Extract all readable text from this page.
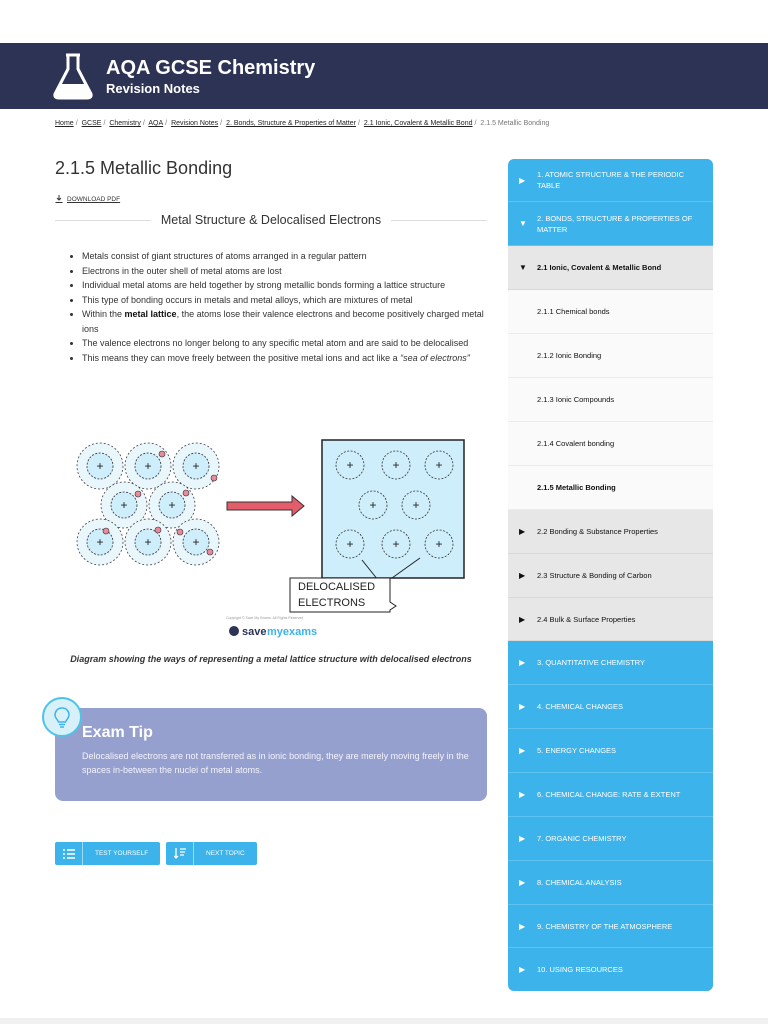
AQA GCSE Chemistry
Revision Notes
Home / GCSE / Chemistry / AQA / Revision Notes / 2. Bonds, Structure & Properties of Matter / 2.1 Ionic, Covalent & Metallic Bond / 2.1.5 Metallic Bonding
2.1.5 Metallic Bonding
DOWNLOAD PDF
Metal Structure & Delocalised Electrons
• Metals consist of giant structures of atoms arranged in a regular pattern
• Electrons in the outer shell of metal atoms are lost
• Individual metal atoms are held together by strong metallic bonds forming a lattice structure
• This type of bonding occurs in metals and metal alloys, which are mixtures of metal
• Within the metal lattice, the atoms lose their valence electrons and become positively charged metal ions
• The valence electrons no longer belong to any specific metal atom and are said to be delocalised
• This means they can move freely between the positive metal ions and act like a “sea of electrons”
+	+	+
+	+
+	+	+
+	+	+
+	+
+	+	+
DELOCALISED
ELECTRONS
Copyright © Save My Exams. All Rights Reserved
save myexams
Diagram showing the ways of representing a metal lattice structure with delocalised electrons
Exam Tip
Delocalised electrons are not transferred as in ionic bonding, they are merely moving freely in the spaces in-between the nuclei of metal atoms.
TEST YOURSELF	NEXT TOPIC
▶
1. ATOMIC STRUCTURE & THE PERIODIC TABLE
▼
2. BONDS, STRUCTURE & PROPERTIES OF MATTER
▼ 2.1 Ionic, Covalent & Metallic Bond
2.1.1 Chemical bonds
2.1.2 Ionic Bonding
2.1.3 Ionic Compounds
2.1.4 Covalent bonding
2.1.5 Metallic Bonding
▶ 2.2 Bonding & Substance Properties
▶ 2.3 Structure & Bonding of Carbon
▶ 2.4 Bulk & Surface Properties
▶ 3. QUANTITATIVE CHEMISTRY
▶ 4. CHEMICAL CHANGES
▶ 5. ENERGY CHANGES
▶ 6. CHEMICAL CHANGE: RATE & EXTENT
▶ 7. ORGANIC CHEMISTRY
▶ 8. CHEMICAL ANALYSIS
▶ 9. CHEMISTRY OF THE ATMOSPHERE
▶ 10. USING RESOURCES
